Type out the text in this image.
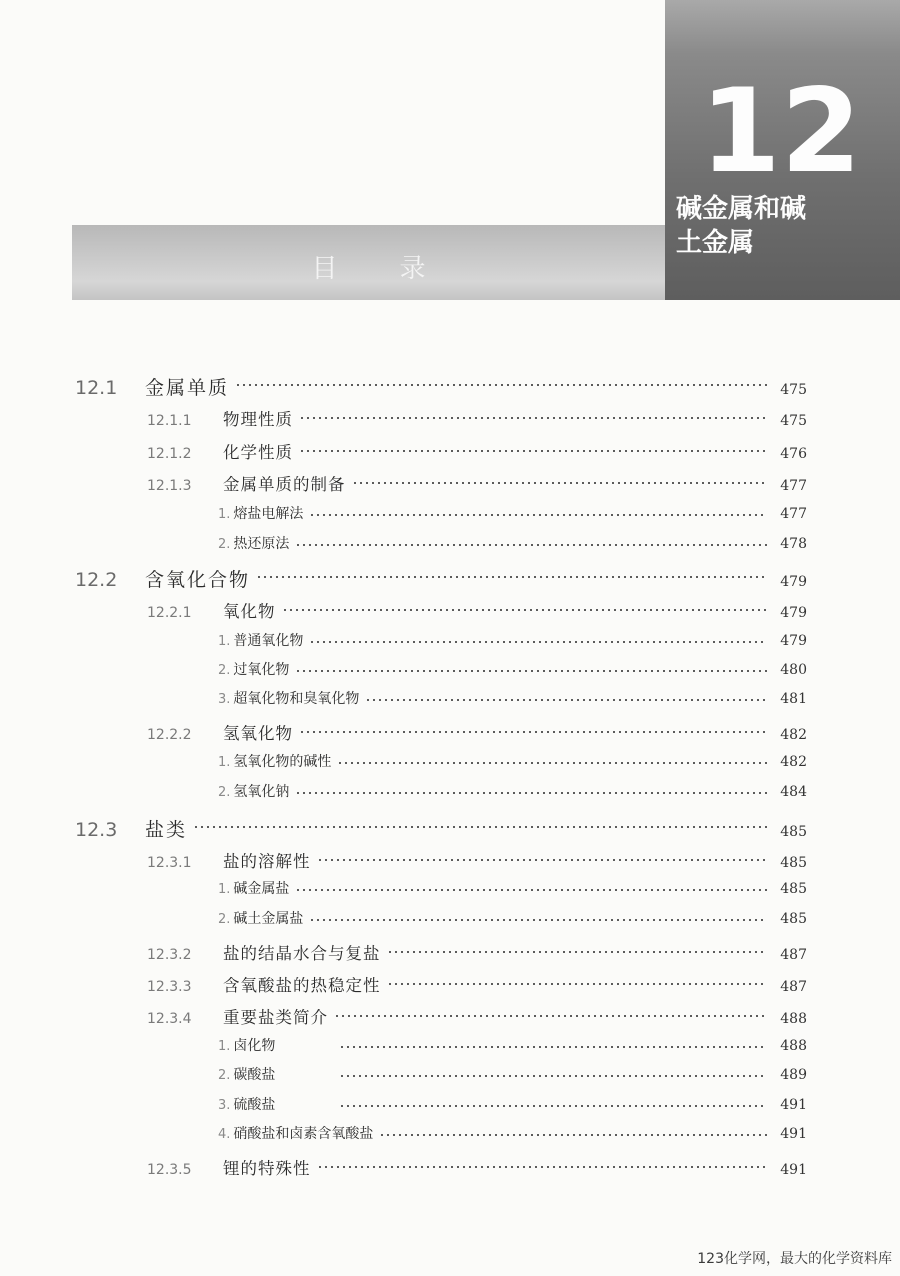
12
碱金属和碱
土金属
目录
12.1	金属单质	475
12.1.1	物理性质	475
12.1.2	化学性质	476
12.1.3	金属单质的制备	477
1. 熔盐电解法	477
2. 热还原法	478
12.2	含氧化合物	479
12.2.1	氧化物	479
1. 普通氧化物	479
2. 过氧化物	480
3. 超氧化物和臭氧化物	481
12.2.2	氢氧化物	482
1. 氢氧化物的碱性	482
2. 氢氧化钠	484
12.3	盐类	485
12.3.1	盐的溶解性	485
1. 碱金属盐	485
2. 碱土金属盐	485
12.3.2	盐的结晶水合与复盐	487
12.3.3	含氧酸盐的热稳定性	487
12.3.4	重要盐类简介	488
1. 卤化物	488
2. 碳酸盐	489
3. 硫酸盐	491
4. 硝酸盐和卤素含氧酸盐	491
12.3.5	锂的特殊性	491
123化学网，最大的化学资料库
